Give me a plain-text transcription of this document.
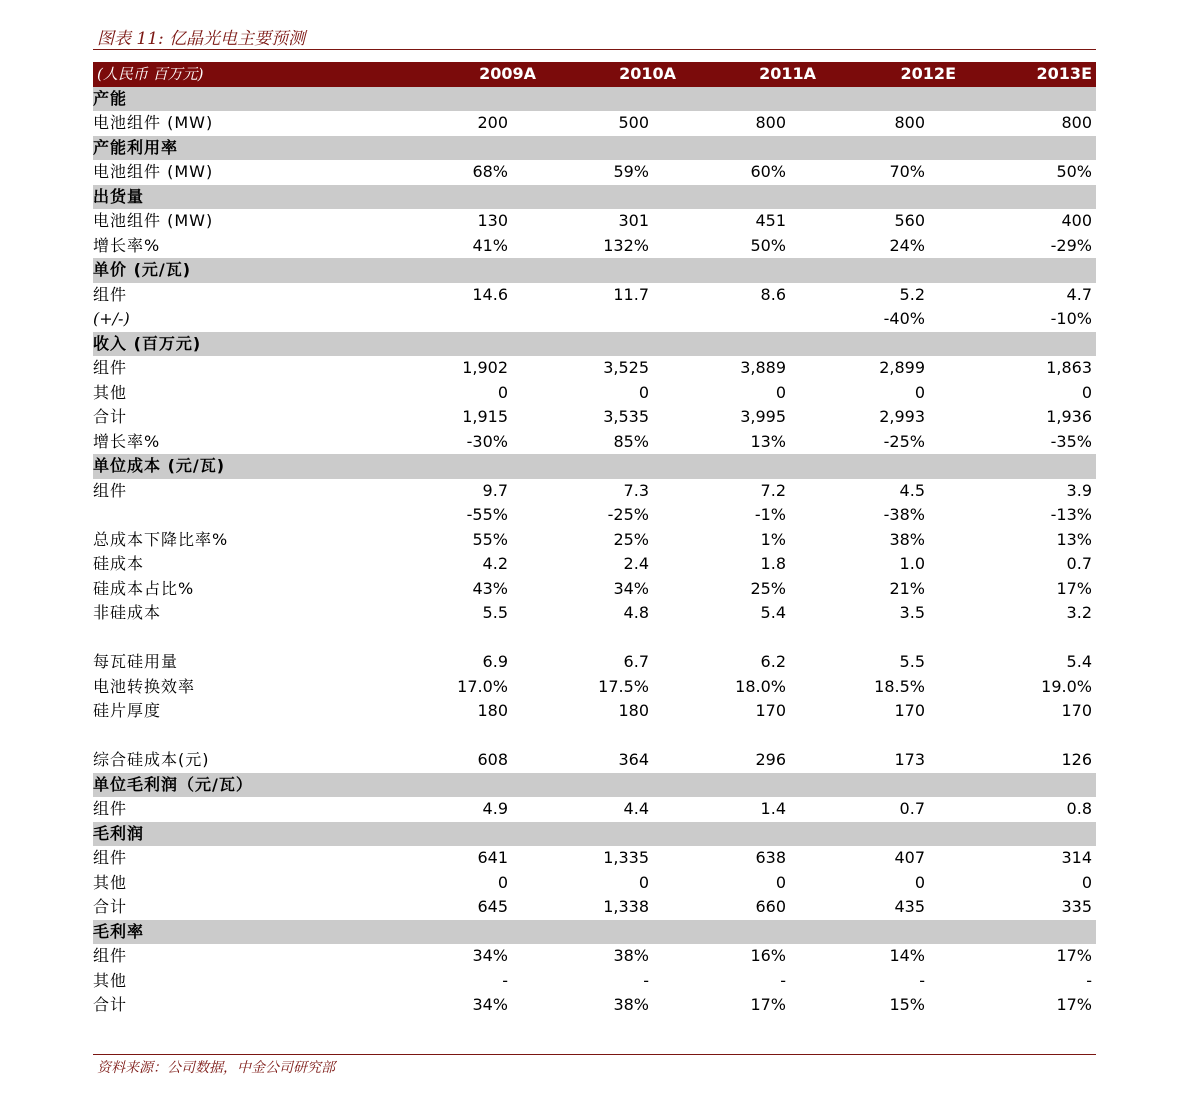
图表 11: 亿晶光电主要预测
(人民币 百万元)	2009A	2010A	2011A	2012E	2013E
产能					
电池组件 (MW)	200	500	800	800	800
产能利用率					
电池组件 (MW)	68%	59%	60%	70%	50%
出货量					
电池组件 (MW)	130	301	451	560	400
增长率%	41%	132%	50%	24%	-29%
单价 (元/瓦)					
组件	14.6	11.7	8.6	5.2	4.7
(+/-)				-40%	-10%
收入 (百万元)					
组件	1,902	3,525	3,889	2,899	1,863
其他	0	0	0	0	0
合计	1,915	3,535	3,995	2,993	1,936
增长率%	-30%	85%	13%	-25%	-35%
单位成本 (元/瓦)					
组件	9.7	7.3	7.2	4.5	3.9
	-55%	-25%	-1%	-38%	-13%
总成本下降比率%	55%	25%	1%	38%	13%
硅成本	4.2	2.4	1.8	1.0	0.7
硅成本占比%	43%	34%	25%	21%	17%
非硅成本	5.5	4.8	5.4	3.5	3.2

每瓦硅用量	6.9	6.7	6.2	5.5	5.4
电池转换效率	17.0%	17.5%	18.0%	18.5%	19.0%
硅片厚度	180	180	170	170	170

综合硅成本(元)	608	364	296	173	126
单位毛利润（元/瓦）					
组件	4.9	4.4	1.4	0.7	0.8
毛利润					
组件	641	1,335	638	407	314
其他	0	0	0	0	0
合计	645	1,338	660	435	335
毛利率					
组件	34%	38%	16%	14%	17%
其他	-	-	-	-	-
合计	34%	38%	17%	15%	17%
资料来源：公司数据，中金公司研究部
